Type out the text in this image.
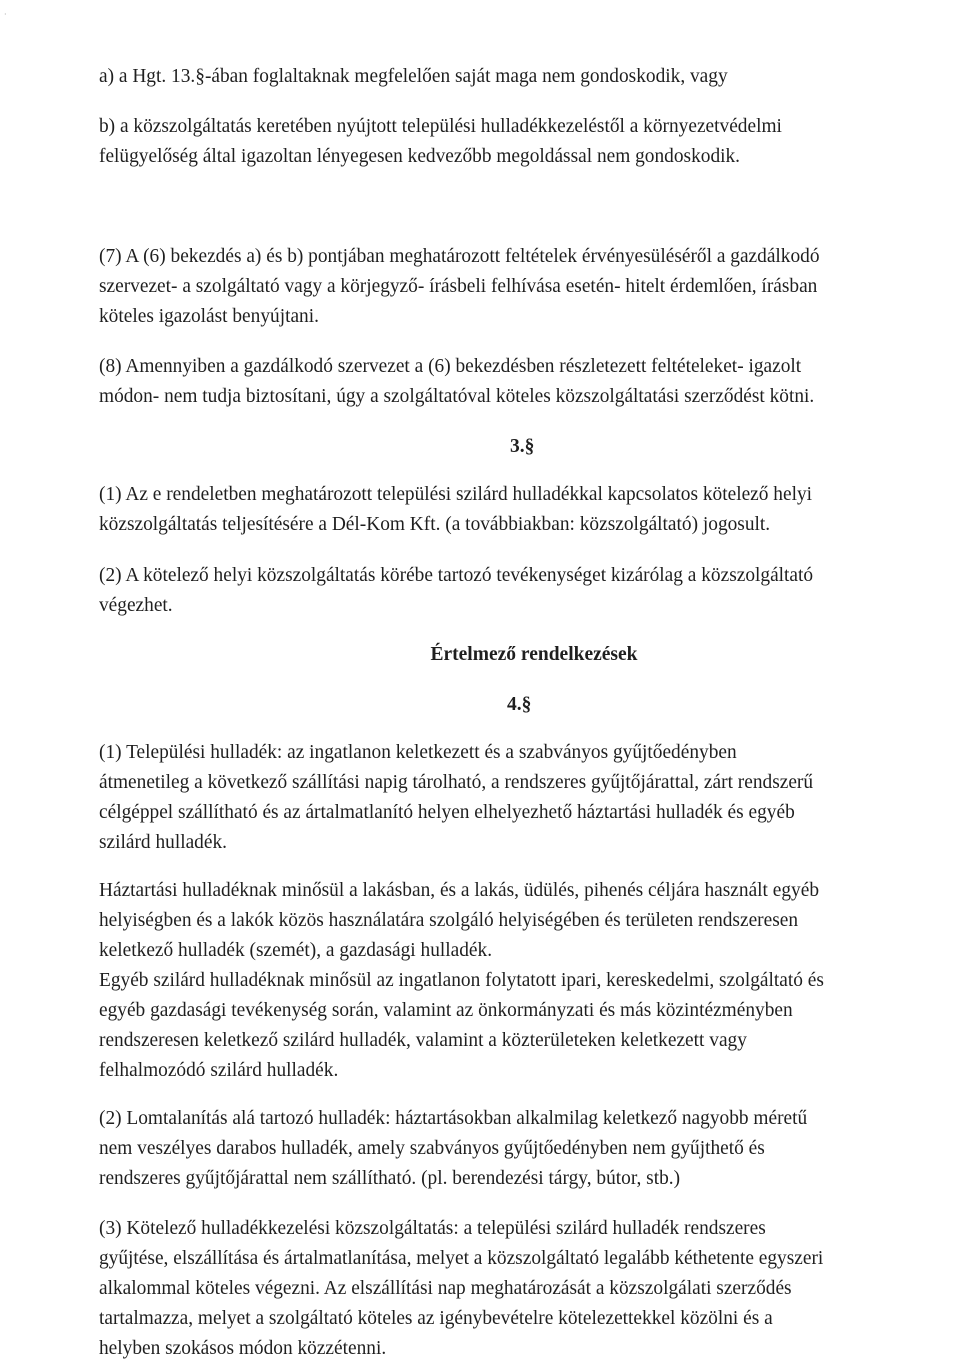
·

a) a Hgt. 13.§-ában foglaltaknak megfelelően saját maga nem gondoskodik, vagy

b) a közszolgáltatás keretében nyújtott települési hulladékkezeléstől a környezetvédelmi
felügyelőség által igazoltan lényegesen kedvezőbb megoldással nem gondoskodik.

(7) A (6) bekezdés a) és b) pontjában meghatározott feltételek érvényesüléséről a gazdálkodó
szervezet- a szolgáltató vagy a körjegyző- írásbeli felhívása esetén- hitelt érdemlően, írásban
köteles igazolást benyújtani.

(8) Amennyiben a gazdálkodó szervezet a (6) bekezdésben részletezett feltételeket- igazolt
módon- nem tudja biztosítani, úgy a szolgáltatóval köteles közszolgáltatási szerződést kötni.

3.§

(1) Az e rendeletben meghatározott települési szilárd hulladékkal kapcsolatos kötelező helyi
közszolgáltatás teljesítésére a Dél-Kom Kft. (a továbbiakban: közszolgáltató) jogosult.

(2) A kötelező helyi közszolgáltatás körébe tartozó tevékenységet kizárólag a közszolgáltató
végezhet.

Értelmező rendelkezések

4.§

(1) Települési hulladék: az ingatlanon keletkezett és a szabványos gyűjtőedényben
átmenetileg a következő szállítási napig tárolható, a rendszeres gyűjtőjárattal, zárt rendszerű
célgéppel szállítható és az ártalmatlanító helyen elhelyezhető háztartási hulladék és egyéb
szilárd hulladék.

Háztartási hulladéknak minősül a lakásban, és a lakás, üdülés, pihenés céljára használt egyéb
helyiségben és a lakók közös használatára szolgáló helyiségében és területen rendszeresen
keletkező hulladék (szemét), a gazdasági hulladék.
Egyéb szilárd hulladéknak minősül az ingatlanon folytatott ipari, kereskedelmi, szolgáltató és
egyéb gazdasági tevékenység során, valamint az önkormányzati és más közintézményben
rendszeresen keletkező szilárd hulladék, valamint a közterületeken keletkezett vagy
felhalmozódó szilárd hulladék.

(2) Lomtalanítás alá tartozó hulladék: háztartásokban alkalmilag keletkező nagyobb méretű
nem veszélyes darabos hulladék, amely szabványos gyűjtőedényben nem gyűjthető és
rendszeres gyűjtőjárattal nem szállítható. (pl. berendezési tárgy, bútor, stb.)

(3) Kötelező hulladékkezelési közszolgáltatás: a települési szilárd hulladék rendszeres
gyűjtése, elszállítása és ártalmatlanítása, melyet a közszolgáltató legalább kéthetente egyszeri
alkalommal köteles végezni. Az elszállítási nap meghatározását a közszolgálati szerződés
tartalmazza, melyet a szolgáltató köteles az igénybevételre kötelezettekkel közölni és a
helyben szokásos módon közzétenni.
